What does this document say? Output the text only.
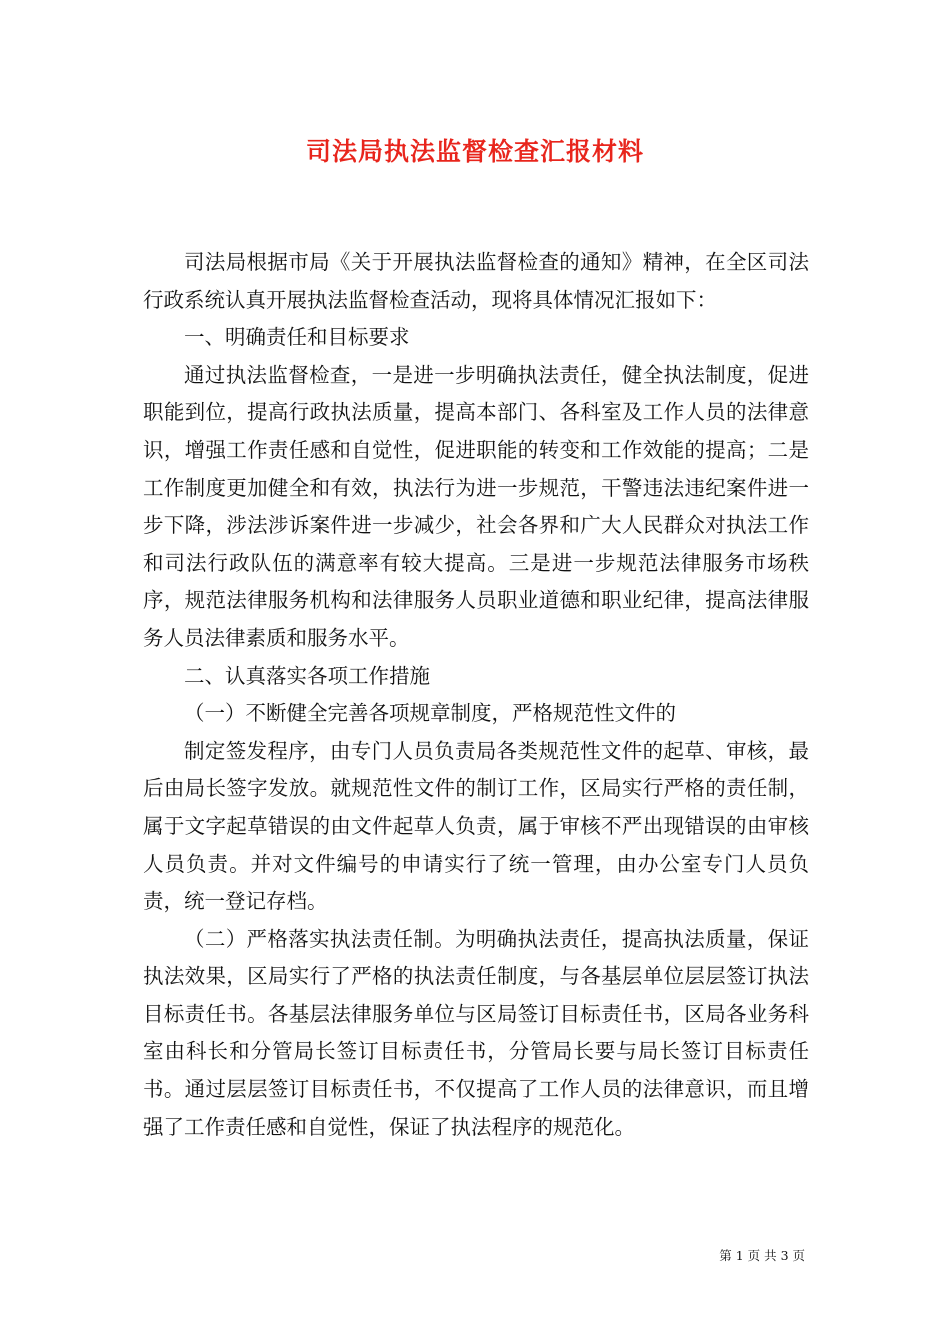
司法局执法监督检查汇报材料

司法局根据市局《关于开展执法监督检查的通知》精神，在全区司法行政系统认真开展执法监督检查活动，现将具体情况汇报如下：

一、明确责任和目标要求

通过执法监督检查，一是进一步明确执法责任，健全执法制度，促进职能到位，提高行政执法质量，提高本部门、各科室及工作人员的法律意识，增强工作责任感和自觉性，促进职能的转变和工作效能的提高；二是工作制度更加健全和有效，执法行为进一步规范，干警违法违纪案件进一步下降，涉法涉诉案件进一步减少，社会各界和广大人民群众对执法工作和司法行政队伍的满意率有较大提高。三是进一步规范法律服务市场秩序，规范法律服务机构和法律服务人员职业道德和职业纪律，提高法律服务人员法律素质和服务水平。

二、认真落实各项工作措施

（一）不断健全完善各项规章制度，严格规范性文件的

制定签发程序，由专门人员负责局各类规范性文件的起草、审核，最后由局长签字发放。就规范性文件的制订工作，区局实行严格的责任制，属于文字起草错误的由文件起草人负责，属于审核不严出现错误的由审核人员负责。并对文件编号的申请实行了统一管理，由办公室专门人员负责，统一登记存档。

（二）严格落实执法责任制。为明确执法责任，提高执法质量，保证执法效果，区局实行了严格的执法责任制度，与各基层单位层层签订执法目标责任书。各基层法律服务单位与区局签订目标责任书，区局各业务科室由科长和分管局长签订目标责任书，分管局长要与局长签订目标责任书。通过层层签订目标责任书，不仅提高了工作人员的法律意识，而且增强了工作责任感和自觉性，保证了执法程序的规范化。

第 1 页 共 3 页
